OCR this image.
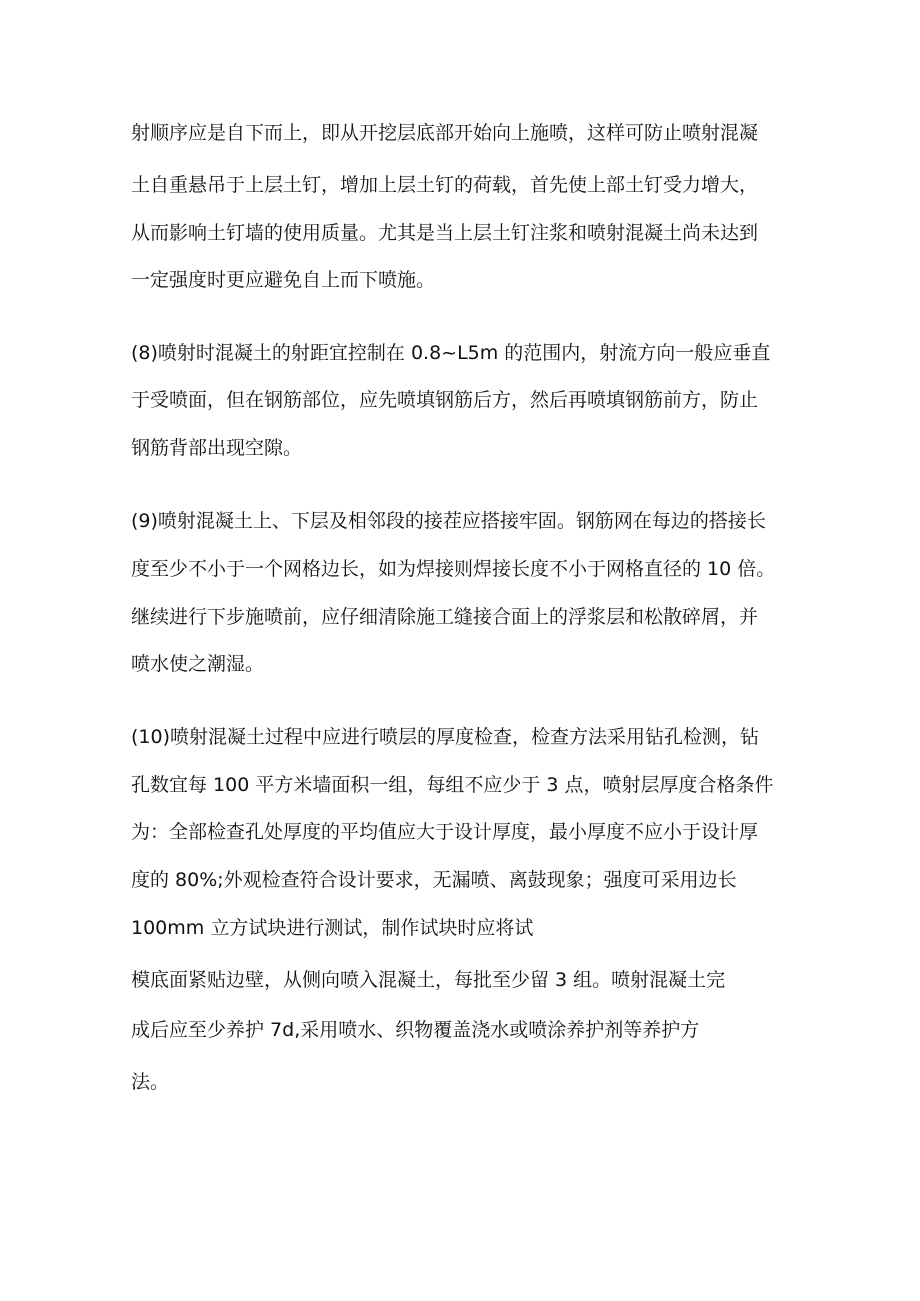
射顺序应是自下而上，即从开挖层底部开始向上施喷，这样可防止喷射混凝
土自重悬吊于上层土钉，增加上层土钉的荷载，首先使上部土钉受力增大，
从而影响土钉墙的使用质量。尤其是当上层土钉注浆和喷射混凝土尚未达到
一定强度时更应避免自上而下喷施。
(8)喷射时混凝土的射距宜控制在 0.8~L5m 的范围内，射流方向一般应垂直
于受喷面，但在钢筋部位，应先喷填钢筋后方，然后再喷填钢筋前方，防止
钢筋背部出现空隙。
(9)喷射混凝土上、下层及相邻段的接茬应搭接牢固。钢筋网在每边的搭接长
度至少不小于一个网格边长，如为焊接则焊接长度不小于网格直径的 10 倍。
继续进行下步施喷前，应仔细清除施工缝接合面上的浮浆层和松散碎屑，并
喷水使之潮湿。
(10)喷射混凝土过程中应进行喷层的厚度检查，检查方法采用钻孔检测，钻
孔数宜每 100 平方米墙面积一组，每组不应少于 3 点，喷射层厚度合格条件
为：全部检查孔处厚度的平均值应大于设计厚度，最小厚度不应小于设计厚
度的 80%;外观检查符合设计要求，无漏喷、离鼓现象；强度可采用边长
100mm 立方试块进行测试，制作试块时应将试
模底面紧贴边壁，从侧向喷入混凝土，每批至少留 3 组。喷射混凝土完
成后应至少养护 7d,采用喷水、织物覆盖浇水或喷涂养护剂等养护方
法。
